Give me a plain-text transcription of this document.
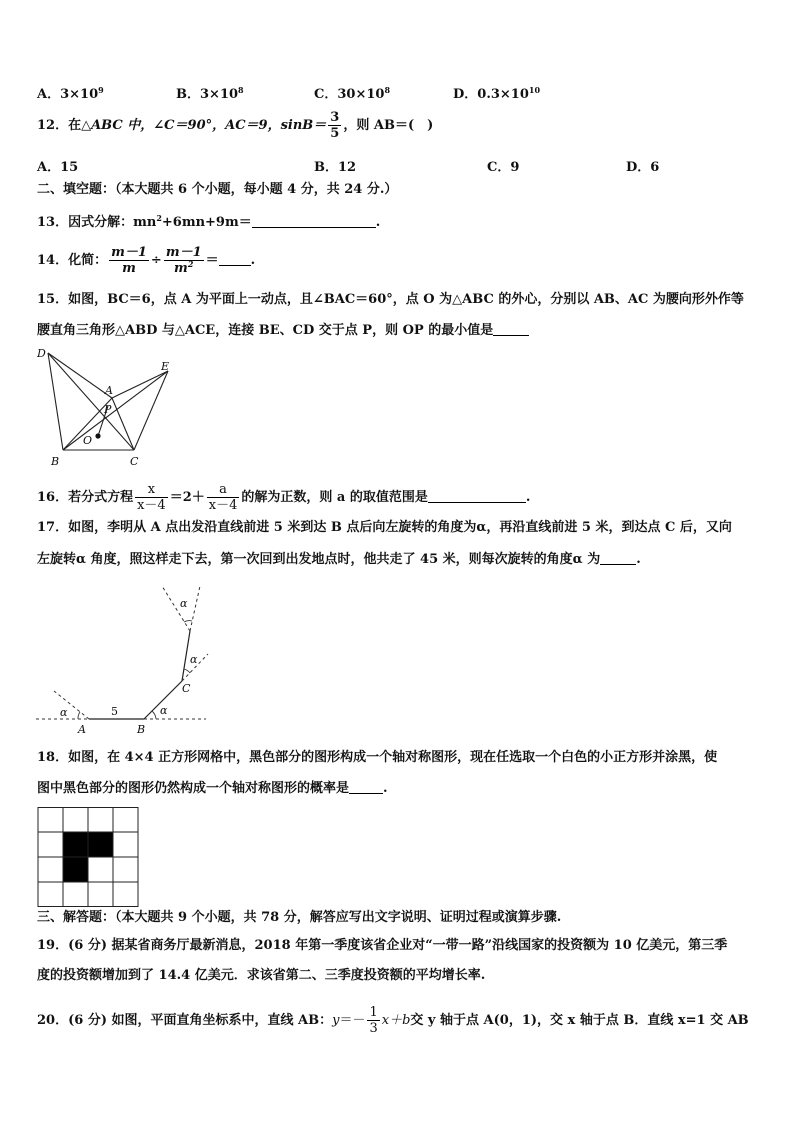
A．$3\times 10^9$	B．$3\times 10^8$	C．$30\times 10^8$	D．$0.3\times 10^{10}$
12．在△ABC 中，∠C＝90°，AC＝9，$\sin B= \frac{3}{5}$ ，则 AB＝(　)
A．15	B．12	C．9	D．6
二、填空题：（本大题共 6 个小题，每小题 4 分，共 24 分.）
13．因式分解：$mn^2+6mn+9m=$	.
14．化简： $\frac{m-1}{m} \div \frac{m-1}{m^2}$ ＝ .
15．如图，BC＝6，点 A 为平面上一动点，且∠BAC＝60°，点 O 为△ABC 的外心，分别以 AB、AC 为腰向形外作等
腰直角三角形△ABD 与△ACE，连接 BE、CD 交于点 P，则 OP 的最小值是
D
E
A
P
O
B	C
16．若分式方程 $\frac{x}{x-4} =2+ \frac{a}{x-4}$ 的解为正数，则 a 的取值范围是	.
17．如图，李明从 A 点出发沿直线前进 5 米到达 B 点后向左旋转的角度为α，再沿直线前进 5 米，到达点 C 后，又向
左旋转α 角度，照这样走下去，第一次回到出发地点时，他共走了 45 米，则每次旋转的角度α 为	.
α	α
α
α
5
A	B
C
18．如图，在 4×4 正方形网格中，黑色部分的图形构成一个轴对称图形，现在任选取一个白色的小正方形并涂黑，使
图中黑色部分的图形仍然构成一个轴对称图形的概率是	.
三、解答题：（本大题共 9 个小题，共 78 分，解答应写出文字说明、证明过程或演算步骤.
19．(6 分) 据某省商务厅最新消息，2018 年第一季度该省企业对“一带一路”沿线国家的投资额为 10 亿美元，第三季
度的投资额增加到了 14.4 亿美元．求该省第二、三季度投资额的平均增长率.
20．(6 分) 如图，平面直角坐标系中，直线 AB：$y=- \frac{1}{3} x+b$交 y 轴于点 A(0，1)，交 x 轴于点 B．直线 x=1 交 AB
